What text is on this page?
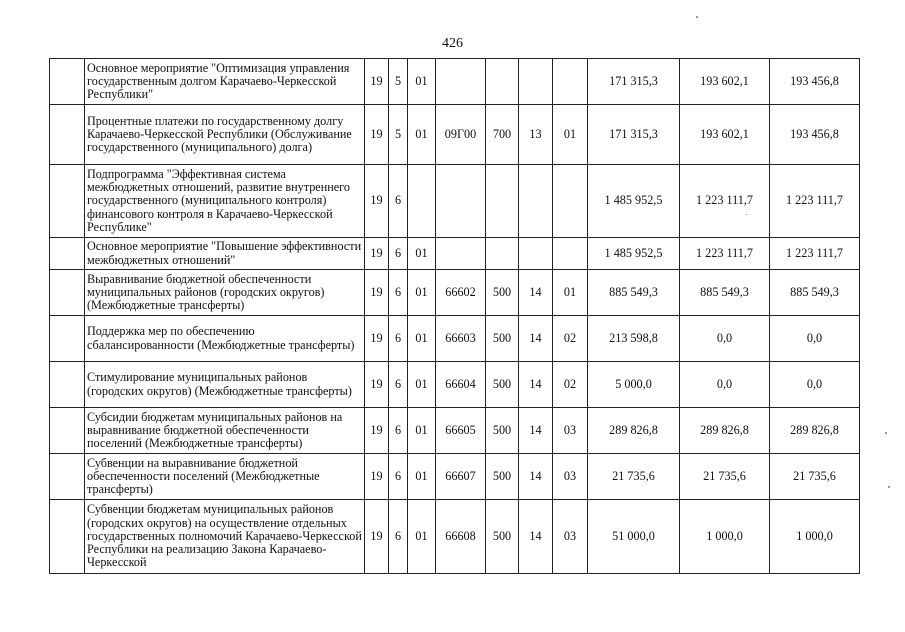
426
	Основное мероприятие "Оптимизация управления государственным долгом Карачаево-Черкесской Республики"	19	5	01					171 315,3	193 602,1	193 456,8
	Процентные платежи по государственному долгу Карачаево-Черкесской Республики (Обслуживание государственного (муниципального) долга)	19	5	01	09Г00	700	13	01	171 315,3	193 602,1	193 456,8
	Подпрограмма "Эффективная система межбюджетных отношений, развитие внутреннего государственного (муниципального контроля) финансового контроля в Карачаево-Черкесской Республике"	19	6						1 485 952,5	1 223 111,7	1 223 111,7
	Основное мероприятие "Повышение эффективности межбюджетных отношений"	19	6	01					1 485 952,5	1 223 111,7	1 223 111,7
	Выравнивание бюджетной обеспеченности муниципальных районов (городских округов) (Межбюджетные трансферты)	19	6	01	66602	500	14	01	885 549,3	885 549,3	885 549,3
	Поддержка мер по обеспечению сбалансированности (Межбюджетные трансферты)	19	6	01	66603	500	14	02	213 598,8	0,0	0,0
	Стимулирование муниципальных районов (городских округов) (Межбюджетные трансферты)	19	6	01	66604	500	14	02	5 000,0	0,0	0,0
	Субсидии бюджетам муниципальных районов на выравнивание бюджетной обеспеченности поселений (Межбюджетные трансферты)	19	6	01	66605	500	14	03	289 826,8	289 826,8	289 826,8
	Субвенции на выравнивание бюджетной обеспеченности поселений (Межбюджетные трансферты)	19	6	01	66607	500	14	03	21 735,6	21 735,6	21 735,6
	Субвенции бюджетам муниципальных районов (городских округов) на осуществление отдельных государственных полномочий Карачаево-Черкесской Республики на реализацию Закона Карачаево-Черкесской	19	6	01	66608	500	14	03	51 000,0	1 000,0	1 000,0
